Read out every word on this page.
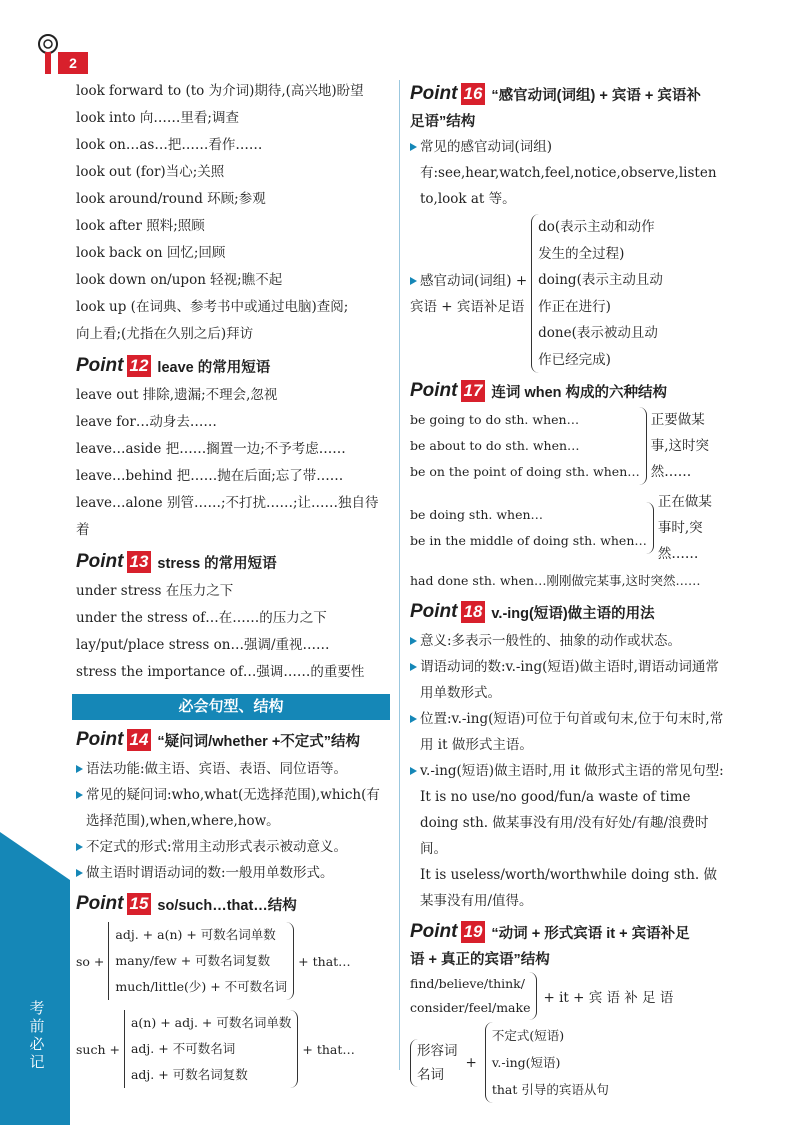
2
考前必记
look forward to (to 为介词)期待,(高兴地)盼望
look into 向……里看;调查
look on…as…把……看作……
look out (for)当心;关照
look around/round 环顾;参观
look after 照料;照顾
look back on 回忆;回顾
look down on/upon 轻视;瞧不起
look up (在词典、参考书中或通过电脑)查阅;
向上看;(尤指在久别之后)拜访
Point 12 leave 的常用短语
leave out 排除,遗漏;不理会,忽视
leave for…动身去……
leave…aside 把……搁置一边;不予考虑……
leave…behind 把……抛在后面;忘了带……
leave…alone 别管……;不打扰……;让……独自待着
Point 13 stress 的常用短语
under stress 在压力之下
under the stress of…在……的压力之下
lay/put/place stress on…强调/重视……
stress the importance of…强调……的重要性
必会句型、结构
Point 14 “疑问词/whether +不定式”结构
语法功能:做主语、宾语、表语、同位语等。
常见的疑问词:who,what(无选择范围),which(有选择范围),when,where,how。
不定式的形式:常用主动形式表示被动意义。
做主语时谓语动词的数:一般用单数形式。
Point 15 so/such…that…结构
so +
adj. + a(n) + 可数名词单数
many/few + 可数名词复数
much/little(少) + 不可数名词
+ that…
such +
a(n) + adj. + 可数名词单数
adj. + 不可数名词
adj. + 可数名词复数
+ that…
Point 16 “感官动词(词组) + 宾语 + 宾语补
足语”结构
常见的感官动词(词组)有:see,hear,watch,feel,notice,observe,listen to,look at 等。
感官动词(词组) +
宾语 + 宾语补足语
do(表示主动和动作
发生的全过程)
doing(表示主动且动
作正在进行)
done(表示被动且动
作已经完成)
Point 17 连词 when 构成的六种结构
be going to do sth. when…
be about to do sth. when…
be on the point of doing sth. when…
正要做某
事,这时突
然……
be doing sth. when…
be in the middle of doing sth. when…
正在做某
事时,突
然……
had done sth. when…刚刚做完某事,这时突然……
Point 18 v.-ing(短语)做主语的用法
意义:多表示一般性的、抽象的动作或状态。
谓语动词的数:v.-ing(短语)做主语时,谓语动词通常用单数形式。
位置:v.-ing(短语)可位于句首或句末,位于句末时,常用 it 做形式主语。
v.-ing(短语)做主语时,用 it 做形式主语的常见句型:
It is no use/no good/fun/a waste of time doing sth. 做某事没有用/没有好处/有趣/浪费时间。
It is useless/worth/worthwhile doing sth. 做某事没有用/值得。
Point 19 “动词 + 形式宾语 it + 宾语补足
语 + 真正的宾语”结构
find/believe/think/
consider/feel/make
+ it + 宾 语 补 足 语
形容词
名词
+
不定式(短语)
v.-ing(短语)
that 引导的宾语从句
